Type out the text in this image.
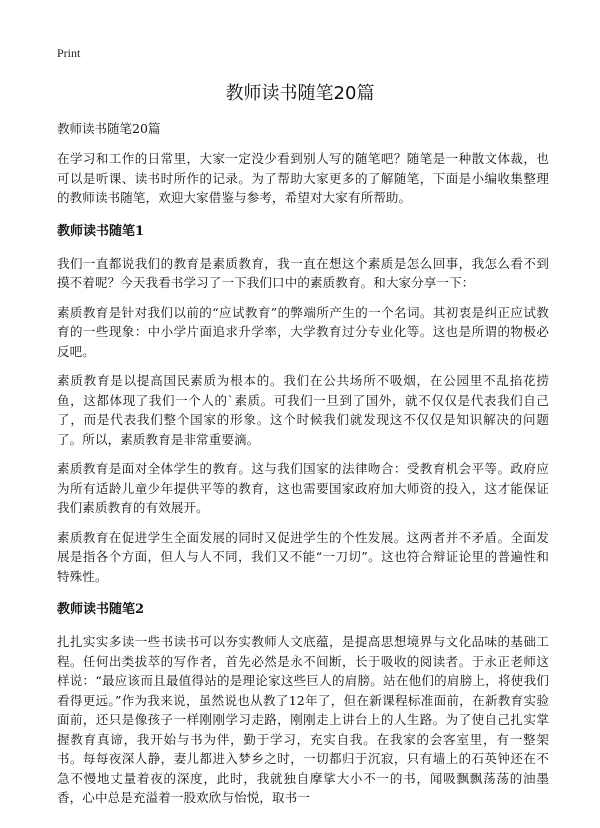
Print
教师读书随笔20篇
教师读书随笔20篇

在学习和工作的日常里，大家一定没少看到别人写的随笔吧？随笔是一种散文体裁，也可以是听课、读书时所作的记录。为了帮助大家更多的了解随笔，下面是小编收集整理的教师读书随笔，欢迎大家借鉴与参考，希望对大家有所帮助。

教师读书随笔1

我们一直都说我们的教育是素质教育，我一直在想这个素质是怎么回事，我怎么看不到摸不着呢？今天我看书学习了一下我们口中的素质教育。和大家分享一下：

素质教育是针对我们以前的“应试教育”的弊端所产生的一个名词。其初衷是纠正应试教育的一些现象：中小学片面追求升学率，大学教育过分专业化等。这也是所谓的物极必反吧。

素质教育是以提高国民素质为根本的。我们在公共场所不吸烟，在公园里不乱掐花捞鱼，这都体现了我们一个人的`素质。可我们一旦到了国外，就不仅仅是代表我们自己了，而是代表我们整个国家的形象。这个时候我们就发现这不仅仅是知识解决的问题了。所以，素质教育是非常重要滴。

素质教育是面对全体学生的教育。这与我们国家的法律吻合：受教育机会平等。政府应为所有适龄儿童少年提供平等的教育，这也需要国家政府加大师资的投入，这才能保证我们素质教育的有效展开。

素质教育在促进学生全面发展的同时又促进学生的个性发展。这两者并不矛盾。全面发展是指各个方面，但人与人不同，我们又不能“一刀切”。这也符合辩证论里的普遍性和特殊性。

教师读书随笔2

扎扎实实多读一些书读书可以夯实教师人文底蕴，是提高思想境界与文化品味的基础工程。任何出类拔萃的写作者，首先必然是永不间断，长于吸收的阅读者。于永正老师这样说：“最应该而且最值得站的是理论家这些巨人的肩膀。站在他们的肩膀上，将使我们看得更远。”作为我来说，虽然说也从教了12年了，但在新课程标准面前，在新教育实验面前，还只是像孩子一样刚刚学习走路，刚刚走上讲台上的人生路。为了使自己扎实掌握教育真谛，我开始与书为伴，勤于学习，充实自我。在我家的会客室里，有一整架书。每每夜深人静，妻儿都进入梦乡之时，一切都归于沉寂，只有墙上的石英钟还在不急不慢地丈量着夜的深度，此时，我就独自摩挲大小不一的书，闻吸飘飘荡荡的油墨香，心中总是充溢着一股欢欣与怡悦，取书一
